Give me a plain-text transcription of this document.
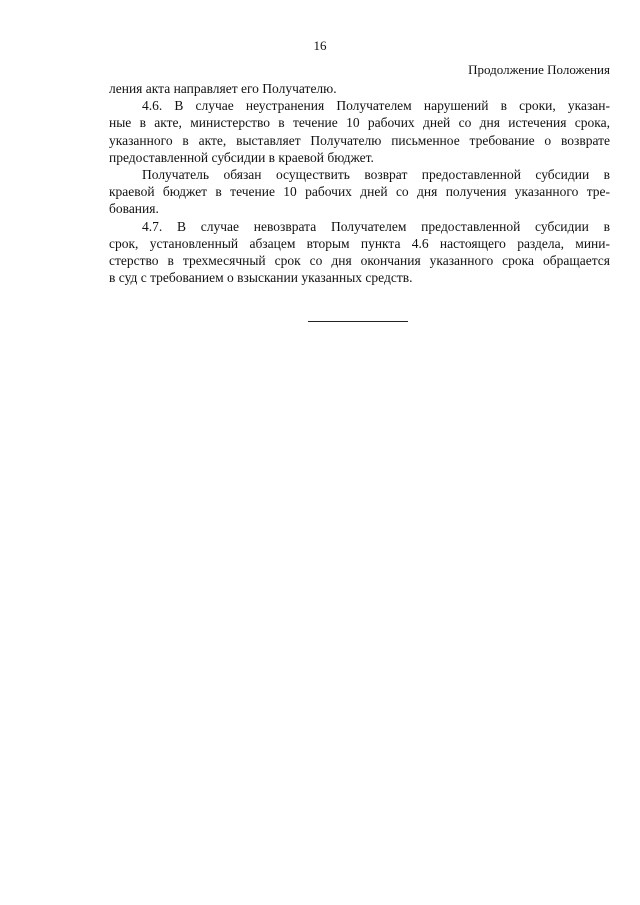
16
Продолжение Положения

ления акта направляет его Получателю.

4.6. В случае неустранения Получателем нарушений в сроки, указан-
ные в акте, министерство в течение 10 рабочих дней со дня истечения срока,
указанного в акте, выставляет Получателю письменное требование о возврате
предоставленной субсидии в краевой бюджет.

Получатель обязан осуществить возврат предоставленной субсидии в
краевой бюджет в течение 10 рабочих дней со дня получения указанного тре-
бования.

4.7. В случае невозврата Получателем предоставленной субсидии в
срок, установленный абзацем вторым пункта 4.6 настоящего раздела, мини-
стерство в трехмесячный срок со дня окончания указанного срока обращается
в суд с требованием о взыскании указанных средств.
